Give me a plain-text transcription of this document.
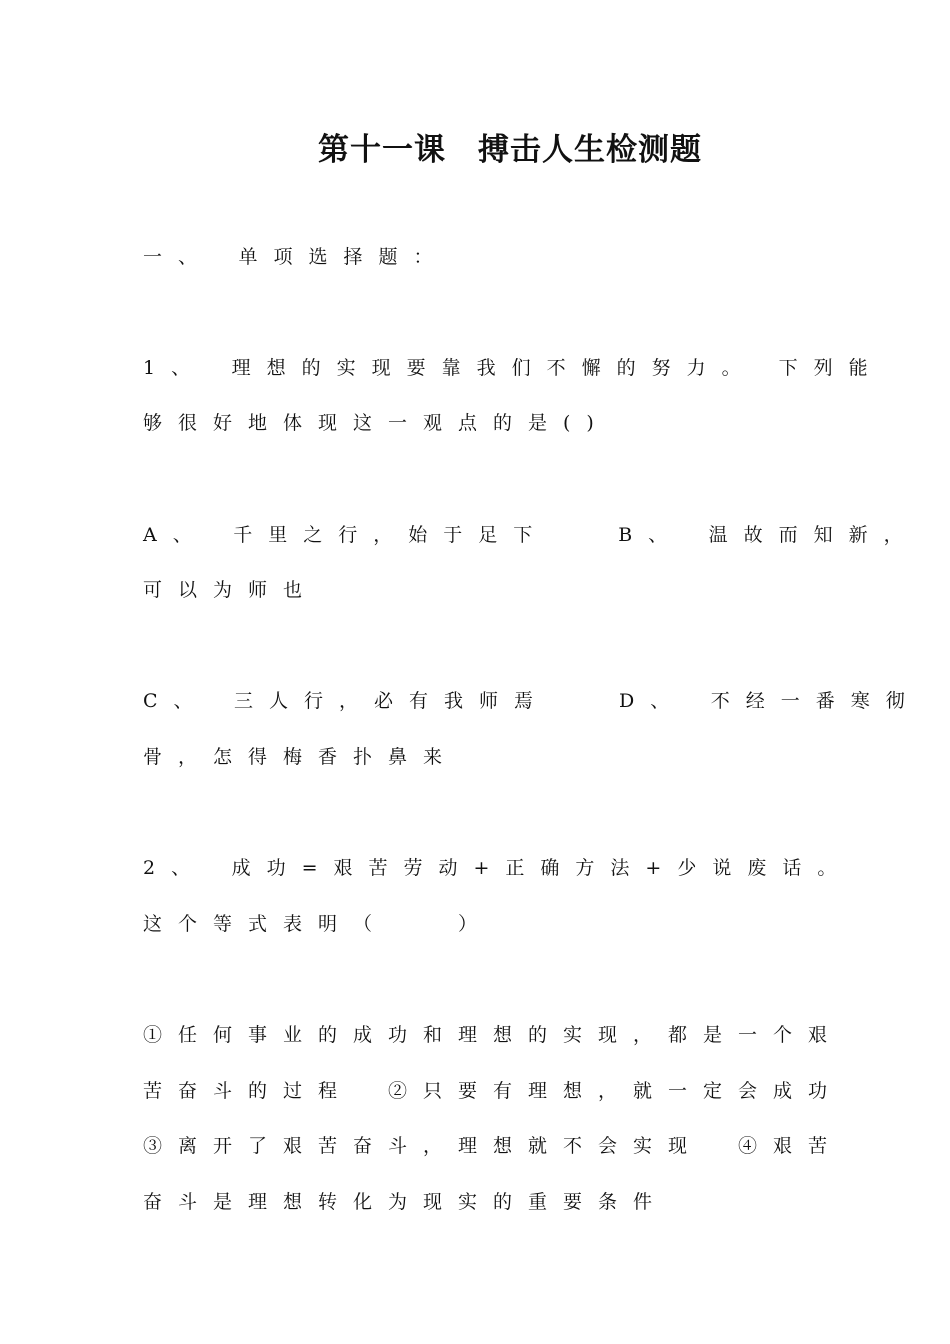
第十一课　搏击人生检测题
一、　单项选择题：
1、　理想的实现要靠我们不懈的努力。 下列能
够很好地体现这一观点的是()
A、　千里之行，始于足下　　B、　温故而知新，
可以为师也
C、　三人行，必有我师焉　　D、　不经一番寒彻
骨，怎得梅香扑鼻来
2、　成功=艰苦劳动+正确方法+少说废话。
这个等式表明（　　）
①任何事业的成功和理想的实现，都是一个艰
苦奋斗的过程　②只要有理想，就一定会成功
③离开了艰苦奋斗，理想就不会实现　④艰苦
奋斗是理想转化为现实的重要条件
